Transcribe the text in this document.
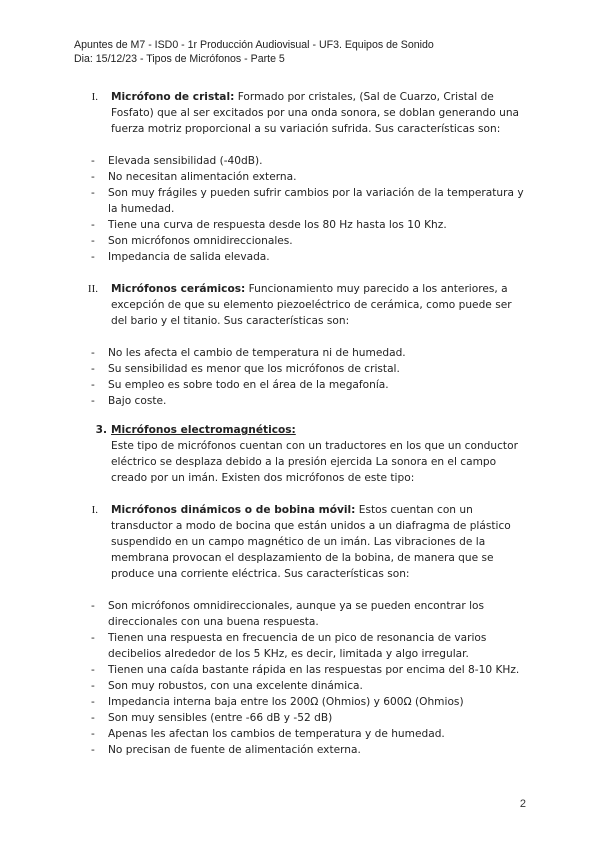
Apuntes de M7 - ISD0 - 1r Producción Audiovisual - UF3. Equipos de Sonido
Dia: 15/12/23 - Tipos de Micrófonos - Parte 5
I. Micrófono de cristal: Formado por cristales, (Sal de Cuarzo, Cristal de Fosfato) que al ser excitados por una onda sonora, se doblan generando una fuerza motriz proporcional a su variación sufrida. Sus características son:
- Elevada sensibilidad (-40dB).
- No necesitan alimentación externa.
- Son muy frágiles y pueden sufrir cambios por la variación de la temperatura y la humedad.
- Tiene una curva de respuesta desde los 80 Hz hasta los 10 Khz.
- Son micrófonos omnidireccionales.
- Impedancia de salida elevada.
II. Micrófonos cerámicos: Funcionamiento muy parecido a los anteriores, a excepción de que su elemento piezoeléctrico de cerámica, como puede ser del bario y el titanio. Sus características son:
- No les afecta el cambio de temperatura ni de humedad.
- Su sensibilidad es menor que los micrófonos de cristal.
- Su empleo es sobre todo en el área de la megafonía.
- Bajo coste.
3. Micrófonos electromagnéticos:
Este tipo de micrófonos cuentan con un traductores en los que un conductor eléctrico se desplaza debido a la presión ejercida La sonora en el campo creado por un imán. Existen dos micrófonos de este tipo:
I. Micrófonos dinámicos o de bobina móvil: Estos cuentan con un transductor a modo de bocina que están unidos a un diafragma de plástico suspendido en un campo magnético de un imán. Las vibraciones de la membrana provocan el desplazamiento de la bobina, de manera que se produce una corriente eléctrica. Sus características son:
- Son micrófonos omnidireccionales, aunque ya se pueden encontrar los direccionales con una buena respuesta.
- Tienen una respuesta en frecuencia de un pico de resonancia de varios decibelios alrededor de los 5 KHz, es decir, limitada y algo irregular.
- Tienen una caída bastante rápida en las respuestas por encima del 8-10 KHz.
- Son muy robustos, con una excelente dinámica.
- Impedancia interna baja entre los 200Ω (Ohmios) y 600Ω (Ohmios)
- Son muy sensibles (entre -66 dB y -52 dB)
- Apenas les afectan los cambios de temperatura y de humedad.
- No precisan de fuente de alimentación externa.
2
